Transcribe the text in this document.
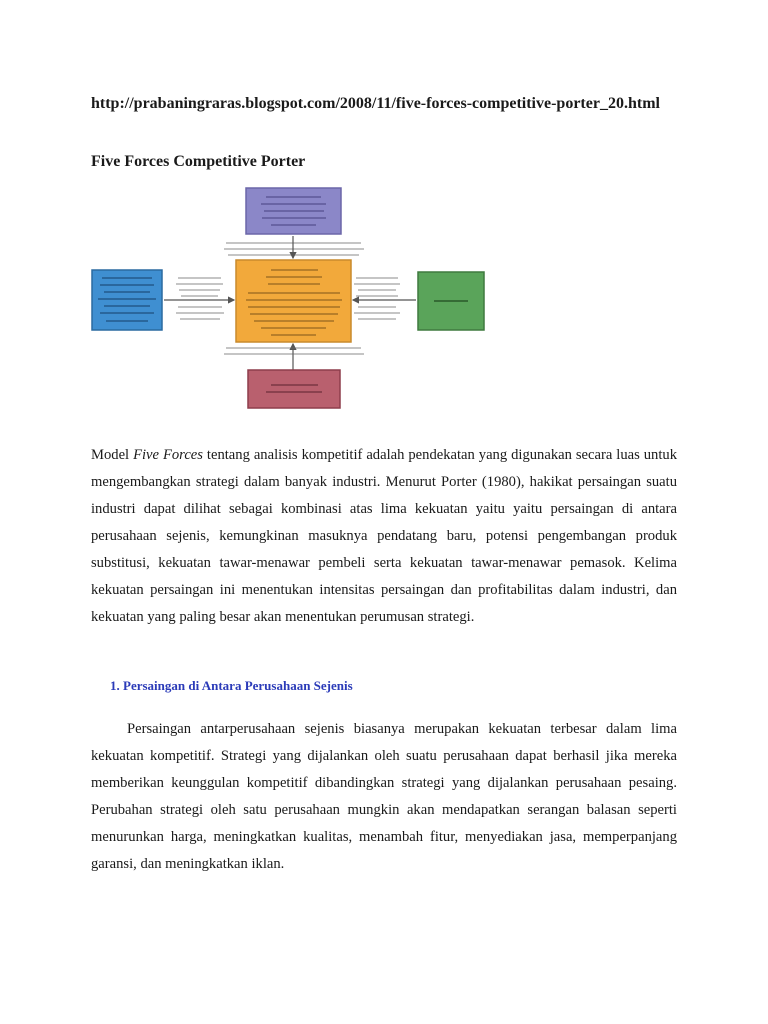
http://prabaningraras.blogspot.com/2008/11/five-forces-competitive-porter_20.html
Five Forces Competitive Porter
Model Five Forces tentang analisis kompetitif adalah pendekatan yang digunakan secara luas untuk mengembangkan strategi dalam banyak industri. Menurut Porter (1980), hakikat persaingan suatu industri dapat dilihat sebagai kombinasi atas lima kekuatan yaitu yaitu persaingan di antara perusahaan sejenis, kemungkinan masuknya pendatang baru, potensi pengembangan produk substitusi, kekuatan tawar-menawar pembeli serta kekuatan tawar-menawar pemasok. Kelima kekuatan persaingan ini menentukan intensitas persaingan dan profitabilitas dalam industri, dan kekuatan yang paling besar akan menentukan perumusan strategi.
1. Persaingan di Antara Perusahaan Sejenis
Persaingan antarperusahaan sejenis biasanya merupakan kekuatan terbesar dalam lima kekuatan kompetitif. Strategi yang dijalankan oleh suatu perusahaan dapat berhasil jika mereka memberikan keunggulan kompetitif dibandingkan strategi yang dijalankan perusahaan pesaing. Perubahan strategi oleh satu perusahaan mungkin akan mendapatkan serangan balasan seperti menurunkan harga, meningkatkan kualitas, menambah fitur, menyediakan jasa, memperpanjang garansi, dan meningkatkan iklan.
